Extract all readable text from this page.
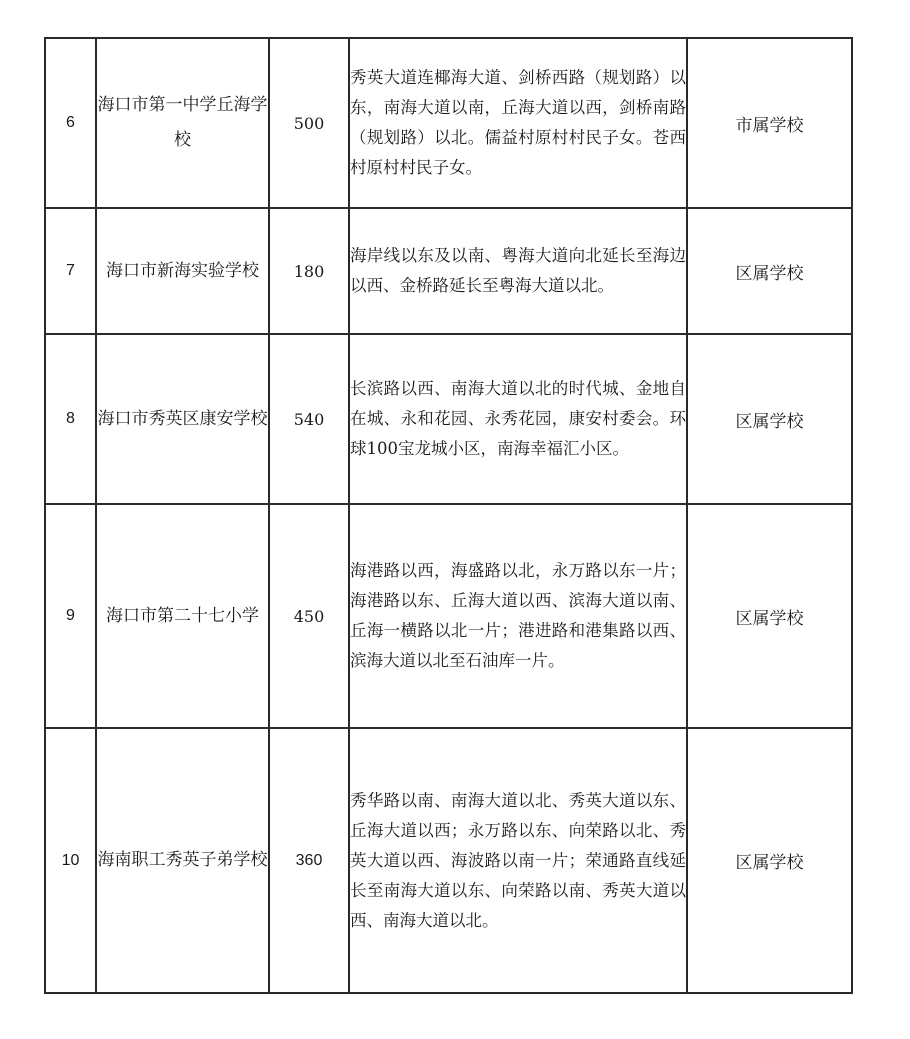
6	海口市第一中学丘海学校	500	秀英大道连椰海大道、剑桥西路（规划路）以东，南海大道以南，丘海大道以西，剑桥南路（规划路）以北。儒益村原村村民子女。苍西村原村村民子女。	市属学校
7	海口市新海实验学校	180	海岸线以东及以南、粤海大道向北延长至海边以西、金桥路延长至粤海大道以北。	区属学校
8	海口市秀英区康安学校	540	长滨路以西、南海大道以北的时代城、金地自在城、永和花园、永秀花园，康安村委会。环球100宝龙城小区，南海幸福汇小区。	区属学校
9	海口市第二十七小学	450	海港路以西，海盛路以北，永万路以东一片；海港路以东、丘海大道以西、滨海大道以南、丘海一横路以北一片；港进路和港集路以西、滨海大道以北至石油库一片。	区属学校
10	海南职工秀英子弟学校	360	秀华路以南、南海大道以北、秀英大道以东、丘海大道以西；永万路以东、向荣路以北、秀英大道以西、海波路以南一片；荣通路直线延长至南海大道以东、向荣路以南、秀英大道以西、南海大道以北。	区属学校
